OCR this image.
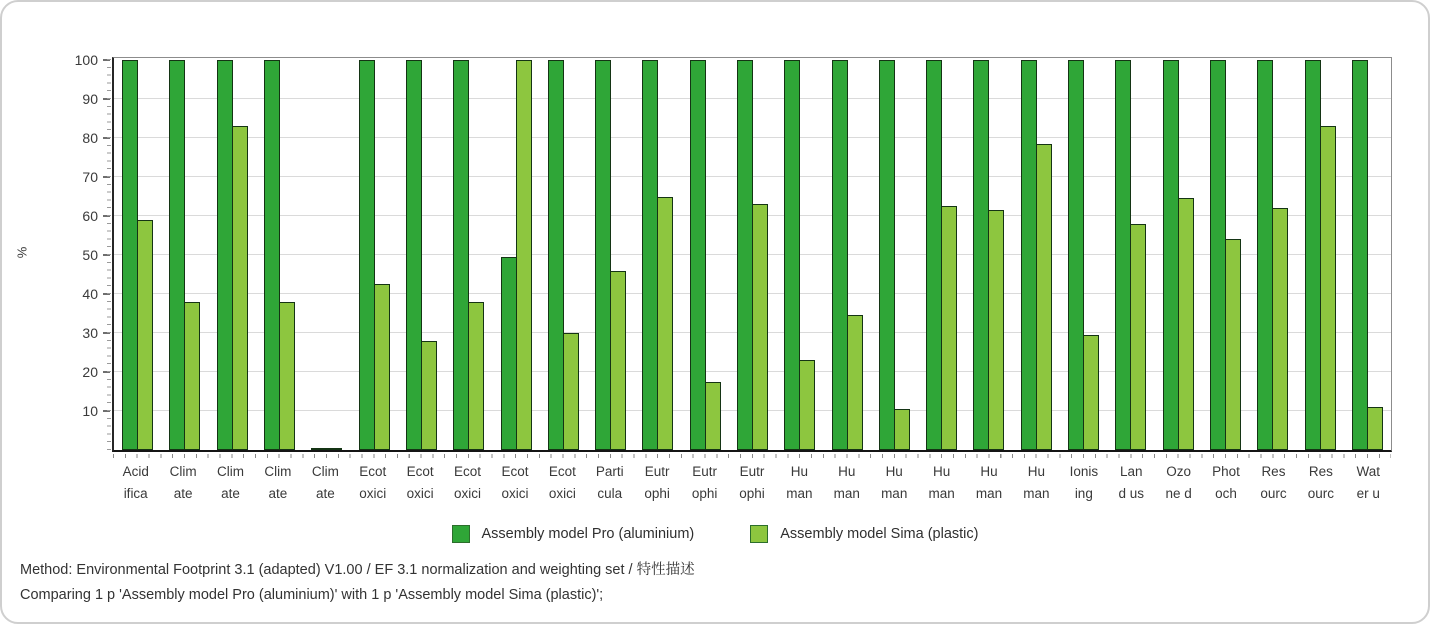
%
10
20
30
40
50
60
70
80
90
100
Acid
ifica
Clim
ate
Clim
ate
Clim
ate
Clim
ate
Ecot
oxici
Ecot
oxici
Ecot
oxici
Ecot
oxici
Ecot
oxici
Parti
cula
Eutr
ophi
Eutr
ophi
Eutr
ophi
Hu
man
Hu
man
Hu
man
Hu
man
Hu
man
Hu
man
Ionis
ing
Lan
d us
Ozo
ne d
Phot
och
Res
ourc
Res
ourc
Wat
er u
Assembly model Pro (aluminium)	Assembly model Sima (plastic)
Method: Environmental Footprint 3.1 (adapted) V1.00 / EF 3.1 normalization and weighting set / 特性描述
Comparing 1 p 'Assembly model Pro (aluminium)' with 1 p 'Assembly model Sima (plastic)';
